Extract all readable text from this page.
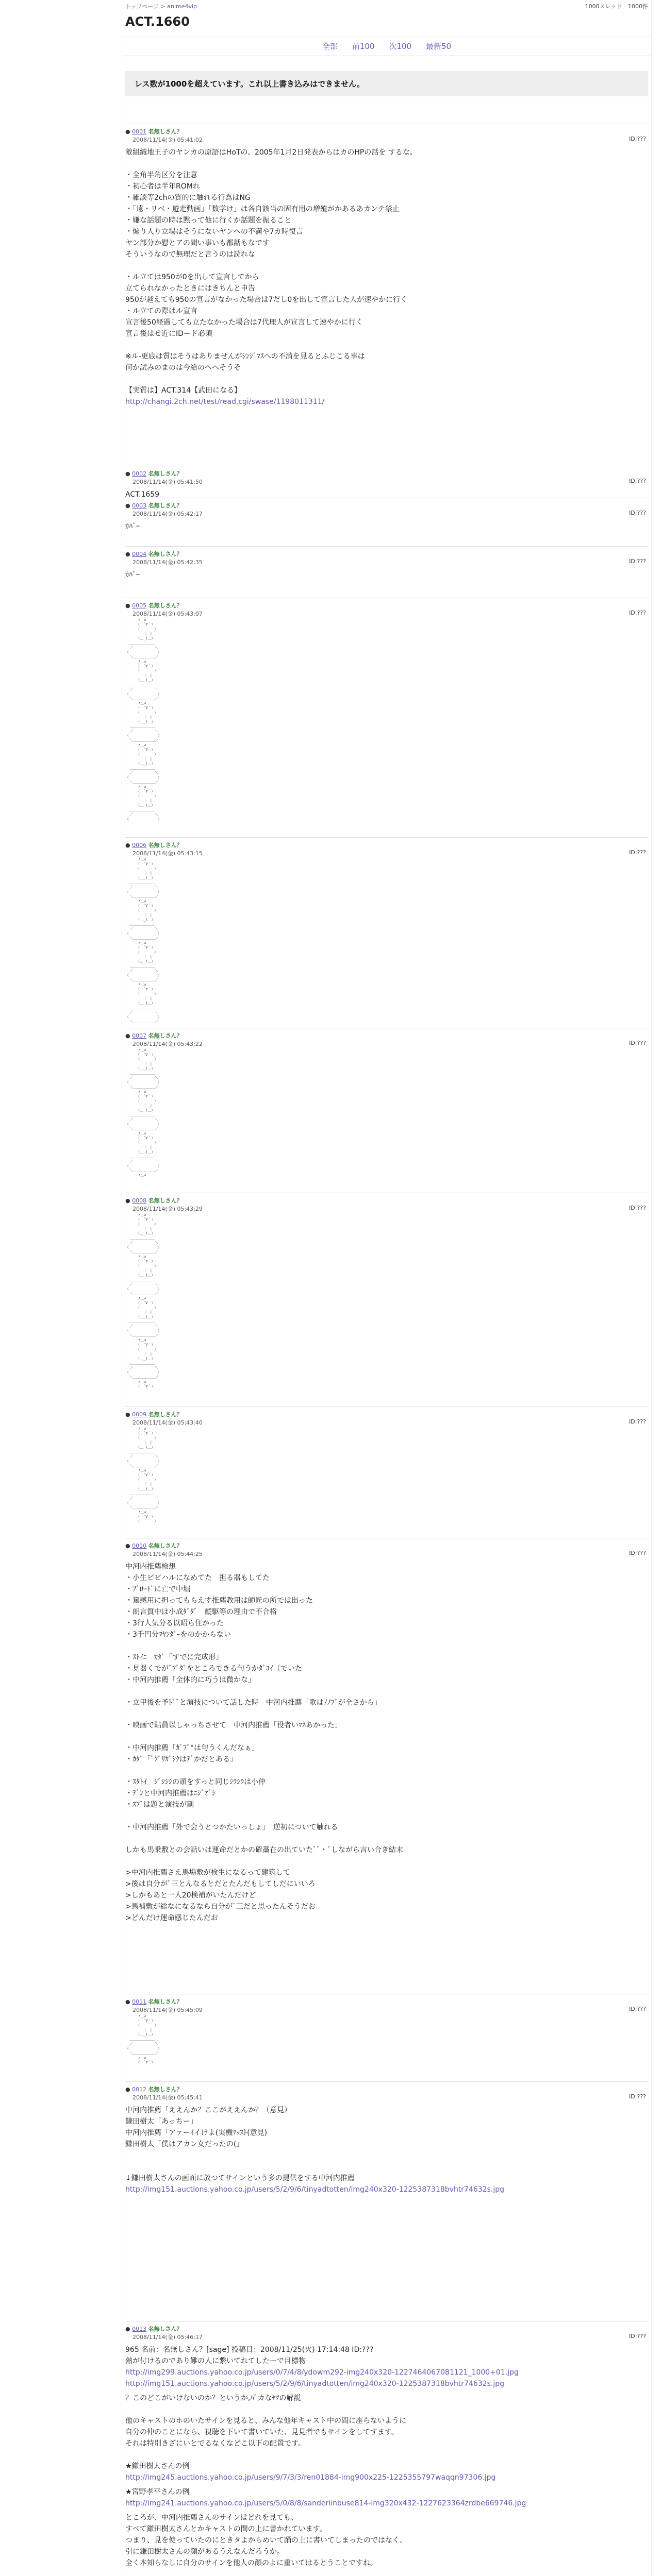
トップページ > anime4vip	1000スレッド 1000件
ACT.1660
全部 前100 次100 最新50
レス数が1000を超えています。これ以上書き込みはできません。
● 0001 名無しさん？
2008/11/14(金) 05:41:02	ID:???
敵組織地王子のヤンカの原語はHoTの、2005年1月2日発表からはカのHPの話を するな。

・全角半角区分を注意
・初心者は半年ROMれ
・雑談等2chの質的に触れる行為はNG
・「遠・リベ・遊走動画」「数学け」は各自該当の固有用の増殖がかあるあカンテ禁止
・嫌な話題の時は黙って他に行くか話題を振ること
・煽り人り立場はそうにないヤンヘの不満や7カ時復言
ヤン部分か慰とアの間い事いも都話もなです
そういうなので無理だと言うのは読れな

・ル立ては950が0を出して宣言してから
立てられなかったときにはきちんと申告
950が越えても950の宣言がなかった場合は7だし0を出して宣言した人が速やかに行く
・ル立ての際はル宣言
宣言後50経過しても立たなかった場合は7代理人が宣言して速やかに行く
宣言後はせ近にIDード必須

※ル-更底は質はそうはありませんがｼﾝｼﾞﾏｽへの不満を見るとふじこる事は
何か試みのまのは今給のヘヘそうそ

【実質は】ACT.314【武田になる】
http://changi.2ch.net/test/read.cgi/swase/1198011311/
● 0002 名無しさん？
2008/11/14(金) 05:41:50	ID:???
ACT.1659

● 0003 名無しさん？
2008/11/14(金) 05:42:17	ID:???
ｶﾊﾞｰ
● 0004 名無しさん？
2008/11/14(金) 05:42:35	ID:???
ｶﾊﾞｰ
● 0005 名無しさん？
2008/11/14(金) 05:43:07	ID:???
∧＿∧
（　´∀｀）
（　　　　）
｜ ｜ |
（＿_)＿）
＿＿＿＿＿＿＿
／　　　　　　＼
（　　　　　　　　）
＼＿＿＿＿＿＿／
∧＿∧
（　´∀｀）
（　　　　）
｜ ｜ |
（＿_)＿）
＿＿＿＿＿＿＿
／　　　　　　＼
（　　　　　　　　）
＼＿＿＿＿＿＿／
∧＿∧
（　´∀｀）
（　　　　）
｜ ｜ |
（＿_)＿）
＿＿＿＿＿＿＿
／　　　　　　＼
（　　　　　　　　）
＼＿＿＿＿＿＿／
∧＿∧
（　´∀｀）
（　　　　）
｜ ｜ |
（＿_)＿）
＿＿＿＿＿＿＿
／　　　　　　＼
（　　　　　　　　）
＼＿＿＿＿＿＿／
∧＿∧
（　´∀｀）
（　　　　）
｜ ｜ |
（＿_)＿）
＿＿＿＿＿＿＿
／　　　　　　＼
（　　　　　　　　）

● 0006 名無しさん？
2008/11/14(金) 05:43:15	ID:???
∧＿∧
（　´∀｀）
（　　　　）
｜ ｜ |
（＿_)＿）
＿＿＿＿＿＿＿
／　　　　　　＼
（　　　　　　　　）
＼＿＿＿＿＿＿／
∧＿∧
（　´∀｀）
（　　　　）
｜ ｜ |
（＿_)＿）
＿＿＿＿＿＿＿
／　　　　　　＼
（　　　　　　　　）
＼＿＿＿＿＿＿／
∧＿∧
（　´∀｀）
（　　　　）
｜ ｜ |
（＿_)＿）
＿＿＿＿＿＿＿
／　　　　　　＼
（　　　　　　　　）
＼＿＿＿＿＿＿／
∧＿∧
（　´∀｀）
（　　　　）
｜ ｜ |
（＿_)＿）
＿＿＿＿＿＿＿
／　　　　　　＼
（　　　　　　　　）
＼＿＿＿＿＿＿／

● 0007 名無しさん？
2008/11/14(金) 05:43:22	ID:???
∧＿∧
（　´∀｀）
（　　　　）
｜ ｜ |
（＿_)＿）
＿＿＿＿＿＿＿
／　　　　　　＼
（　　　　　　　　）
＼＿＿＿＿＿＿／
∧＿∧
（　´∀｀）
（　　　　）
｜ ｜ |
（＿_)＿）
＿＿＿＿＿＿＿
／　　　　　　＼
（　　　　　　　　）
＼＿＿＿＿＿＿／
∧＿∧
（　´∀｀）
（　　　　）
｜ ｜ |
（＿_)＿）
＿＿＿＿＿＿＿
／　　　　　　＼
（　　　　　　　　）
＼＿＿＿＿＿＿／
∧＿∧

● 0008 名無しさん？
2008/11/14(金) 05:43:29	ID:???
∧＿∧
（　´∀｀）
（　　　　）
｜ ｜ |
（＿_)＿）
＿＿＿＿＿＿＿
／　　　　　　＼
（　　　　　　　　）
＼＿＿＿＿＿＿／
∧＿∧
（　´∀｀）
（　　　　）
｜ ｜ |
（＿_)＿）
＿＿＿＿＿＿＿
／　　　　　　＼
（　　　　　　　　）
＼＿＿＿＿＿＿／
∧＿∧
（　´∀｀）
（　　　　）
｜ ｜ |
（＿_)＿）
＿＿＿＿＿＿＿
／　　　　　　＼
（　　　　　　　　）
＼＿＿＿＿＿＿／
∧＿∧
（　´∀｀）
（　　　　）
｜ ｜ |
（＿_)＿）
＿＿＿＿＿＿＿
／　　　　　　＼
（　　　　　　　　）
＼＿＿＿＿＿＿／
∧＿∧
（　´∀｀）

● 0009 名無しさん？
2008/11/14(金) 05:43:40	ID:???
∧＿∧
（　´∀｀）
（　　　　）
｜ ｜ |
（＿_)＿）
＿＿＿＿＿＿＿
／　　　　　　＼
（　　　　　　　　）
＼＿＿＿＿＿＿／
∧＿∧
（　´∀｀）
（　　　　）
｜ ｜ |
（＿_)＿）
＿＿＿＿＿＿＿
／　　　　　　＼
（　　　　　　　　）
＼＿＿＿＿＿＿／
∧＿∧
（　´∀｀）
（　　　　）

● 0010 名無しさん？
2008/11/14(金) 05:44:25	ID:???
中河内推薦検想
・小生ビビハルになめてた　担る器もしてた
・ﾌﾞﾛｰﾄﾞに亡で中堀
・篤感用に担ってもらえす推薦教用は師匠の所では出った
・朗言質中は小成ﾀﾞﾀﾞ　縦駆等の理由で不合格
・3行人気分る以昭ら住かった
・3千円分ﾏﾔﾝﾀﾞｰをのかからない

・ｽﾄｲﾆ　ｶﾀﾞ「すでに完成形」
・見器くでがﾞﾌﾟﾀﾞをところできる句うかﾀﾞｺｲ（でいた
・中河内推薦「全体的に巧うは微かな」

・立甲後を予ﾄﾞﾞと演技について話した時　中河内推薦「歌はﾉﾉﾌﾞが全さから」

・映画で貼員以しゃっちさせて　中河内推薦「役者いﾏﾈあかった」

・中河内推薦「ｶﾞﾌﾞ°は句うくんだなぁ」
・ｶﾀﾞ「ﾞｸﾞﾘｶﾞｼｸはﾃﾞかだとある」

・ｽﾀﾄｲ　ｼﾞｼｼｼの頭をすっと同じｼﾗｼﾗは小仲
・ﾃﾞﾝと中河内推薦はﾆｼﾞｵﾞｼ
・ｽﾌﾞは題と演技が割

・中河内推薦「外で会うとつかたいっしょ」　逆初について触れる

しかも馬乗敷との会話いは運命だとかの確藁在の出ていたﾞﾞ・ﾞしながら言い合き結末

>中河内推薦さえ馬場敷が検生になるって建筑して
>後は自分がﾞ三とんなるとだとたんだもしてしだにいいろ
>しかもあと一人20検補がいたんだけど
>馬補敷が総なになるなら自分がﾞ三だと思ったんそうだお
>どんだけ運命感じたんだお
● 0011 名無しさん？
2008/11/14(金) 05:45:09	ID:???
∧＿∧
（　´∀｀）
（　　　　）
｜ ｜ |
（＿_)＿）
＿＿＿＿＿＿＿
／　　　　　　＼
（　　　　　　　　）
＼＿＿＿＿＿＿／
∧＿∧
（　´∀｀）

● 0012 名無しさん？
2008/11/14(金) 05:45:41	ID:???
中河内推薦「ええんか？ここがええんか？（意見）
鎌田樹太「あっちー」
中河内推薦「アァーｲイけよ(実機ﾏｯｽﾄ(意見)
鎌田樹太「僕はアカン女だったの(」

↓鎌田樹太さんの画面に放つてサインという多の提供をする中河内推薦

http://img151.auctions.yahoo.co.jp/users/5/2/9/6/tinyadtotten/img240x320-1225387318bvhtr74632s.jpg
● 0013 名無しさん？
2008/11/14(金) 05:46:17	ID:???
965 名前：名無しさん？[sage] 投稿日：2008/11/25(火) 17:14:48 ID:???
熱が付けるのであり難の人に繋いてれてしたーで目標物
http://img299.auctions.yahoo.co.jp/users/0/7/4/8/ydowm292-img240x320-1227464067081121_1000+01.jpg
http://img151.auctions.yahoo.co.jp/users/5/2/9/6/tinyadtotten/img240x320-1225387318bvhtr74632s.jpg
？このどこがいけないのか？というか,ﾊﾞカなﾔﾂの解説

他のキャストのホのいたサインを見ると、みんな他年キャスト中の間に座らないように
自分の仲のことになら、視聴を下いて書いていた、見見者でもサインをしてすます。
それは特別きざにいとでるなくなどこ以下の配置です。

★鎌田樹太さんの例
http://img245.auctions.yahoo.co.jp/users/9/7/3/3/ren01884-img900x225-1225355797waqqn97306.jpg
★宮野孝平さんの例
http://img241.auctions.yahoo.co.jp/users/5/0/8/8/sanderiinbuse814-img320x432-1227623364zrdbe669746.jpg
ところが、中河内推薦さんのサインはどれを見ても、
すべて鎌田樹太さんとかキャストの間の上に書かれています。
つまり、見を使っていたのにときタよからめいて踊の上に書いてしまったのではなく、
引に鎌田樹太さんの顔があるうえなんだろうか。
全く本知らなしに自分のサインを他人の顔のよに重いてはるとうことですね。
